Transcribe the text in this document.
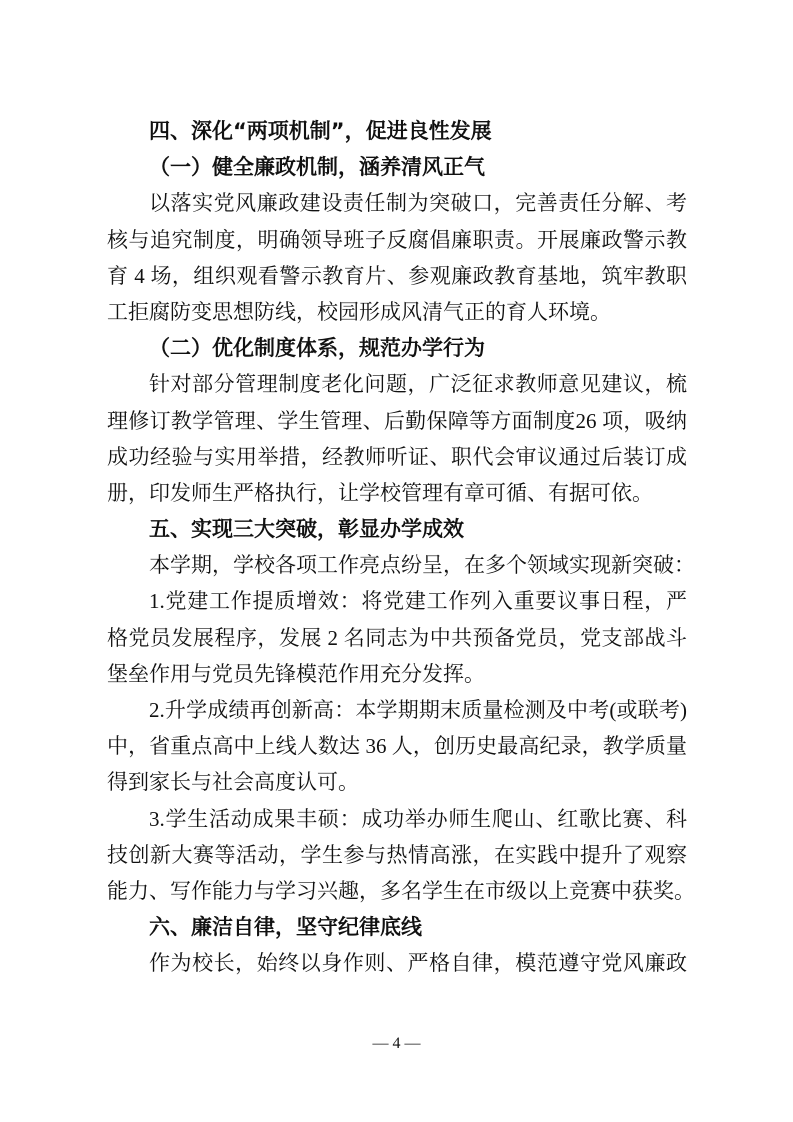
四、深化“两项机制”，促进良性发展
（一）健全廉政机制，涵养清风正气
以落实党风廉政建设责任制为突破口，完善责任分解、考
核与追究制度，明确领导班子反腐倡廉职责。开展廉政警示教
育 4 场，组织观看警示教育片、参观廉政教育基地，筑牢教职
工拒腐防变思想防线，校园形成风清气正的育人环境。
（二）优化制度体系，规范办学行为
针对部分管理制度老化问题，广泛征求教师意见建议，梳
理修订教学管理、学生管理、后勤保障等方面制度26 项，吸纳
成功经验与实用举措，经教师听证、职代会审议通过后装订成
册，印发师生严格执行，让学校管理有章可循、有据可依。
五、实现三大突破，彰显办学成效
本学期，学校各项工作亮点纷呈，在多个领域实现新突破：
1.党建工作提质增效：将党建工作列入重要议事日程，严
格党员发展程序，发展 2 名同志为中共预备党员，党支部战斗
堡垒作用与党员先锋模范作用充分发挥。
2.升学成绩再创新高：本学期期末质量检测及中考(或联考)
中，省重点高中上线人数达 36 人，创历史最高纪录，教学质量
得到家长与社会高度认可。
3.学生活动成果丰硕：成功举办师生爬山、红歌比赛、科
技创新大赛等活动，学生参与热情高涨，在实践中提升了观察
能力、写作能力与学习兴趣，多名学生在市级以上竞赛中获奖。
六、廉洁自律，坚守纪律底线
作为校长，始终以身作则、严格自律，模范遵守党风廉政
— 4 —
